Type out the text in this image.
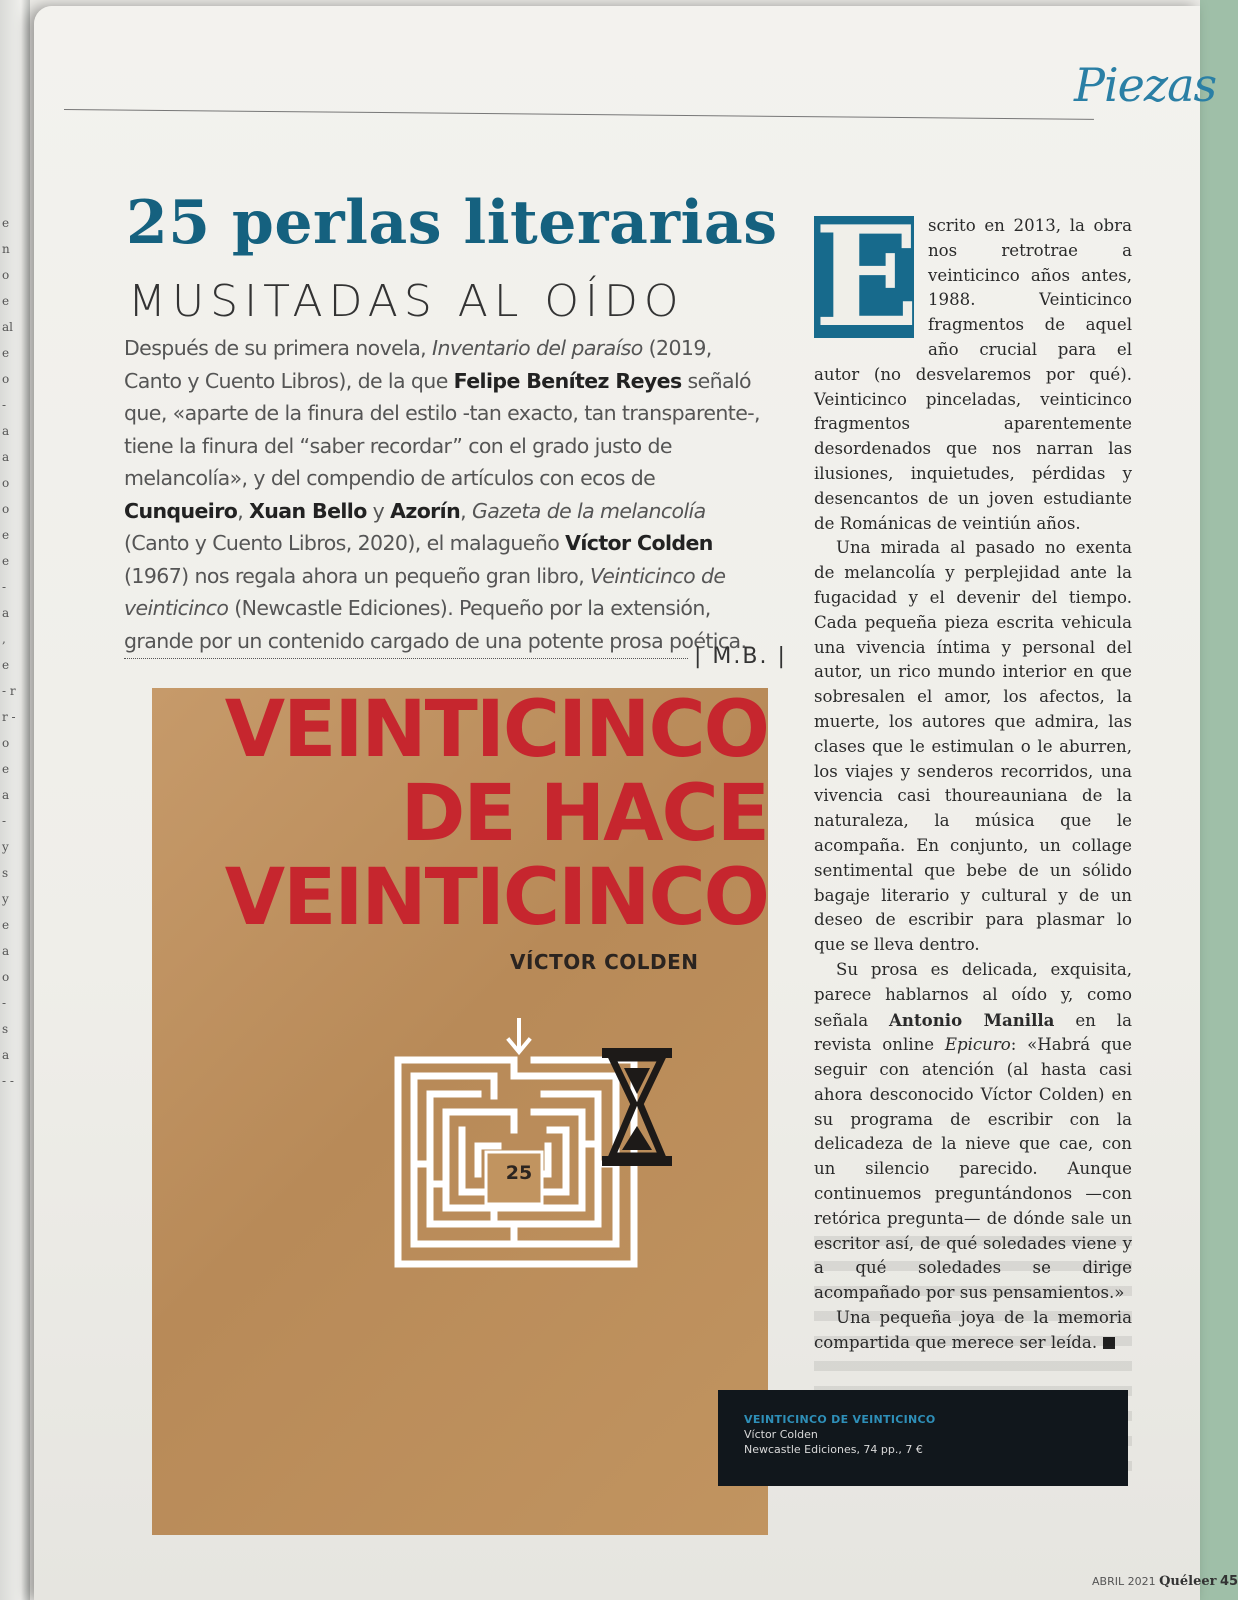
e n o e al e o - a a o o e e - a , e - r r - o e a - y s y e a o - s a - -
Piezas
25 perlas literarias
MUSITADAS AL OÍDO
Después de su primera novela, Inventario del paraíso (2019, Canto y Cuento Libros), de la que Felipe Benítez Reyes señaló que, «aparte de la finura del estilo -tan exacto, tan transparente-, tiene la finura del “saber recordar” con el grado justo de melancolía», y del compendio de artículos con ecos de Cunqueiro, Xuan Bello y Azorín, Gazeta de la melancolía (Canto y Cuento Libros, 2020), el malagueño Víctor Colden (1967) nos regala ahora un pequeño gran libro, Veinticinco de veinticinco (Newcastle Ediciones). Pequeño por la extensión, grande por un contenido cargado de una potente prosa poética.
| M.B. |
VEINTICINCO
DE HACE
VEINTICINCO
VÍCTOR COLDEN
25
E scrito en 2013, la obra nos retrotrae a veinticinco años antes, 1988. Veinticinco fragmentos de aquel año crucial para el autor (no desvelaremos por qué). Veinticinco pinceladas, veinticinco fragmentos aparentemente desordenados que nos narran las ilusiones, inquietudes, pérdidas y desencantos de un joven estudiante de Románicas de veintiún años.

Una mirada al pasado no exenta de melancolía y perplejidad ante la fugacidad y el devenir del tiempo. Cada pequeña pieza escrita vehicula una vivencia íntima y personal del autor, un rico mundo interior en que sobresalen el amor, los afectos, la muerte, los autores que admira, las clases que le estimulan o le aburren, los viajes y senderos recorridos, una vivencia casi thoureauniana de la naturaleza, la música que le acompaña. En conjunto, un collage sentimental que bebe de un sólido bagaje literario y cultural y de un deseo de escribir para plasmar lo que se lleva dentro.

Su prosa es delicada, exquisita, parece hablarnos al oído y, como señala Antonio Manilla en la revista online Epicuro: «Habrá que seguir con atención (al hasta casi ahora desconocido Víctor Colden) en su programa de escribir con la delicadeza de la nieve que cae, con un silencio parecido. Aunque continuemos preguntándonos —con retórica pregunta— de dónde sale un escritor así, de qué soledades viene y a qué soledades se dirige acompañado por sus pensamientos.»

Una pequeña joya de la memoria compartida que merece ser leída.

VEINTICINCO DE VEINTICINCO
Víctor Colden
Newcastle Ediciones, 74 pp., 7 €
ABRIL 2021 Quéleer 45
